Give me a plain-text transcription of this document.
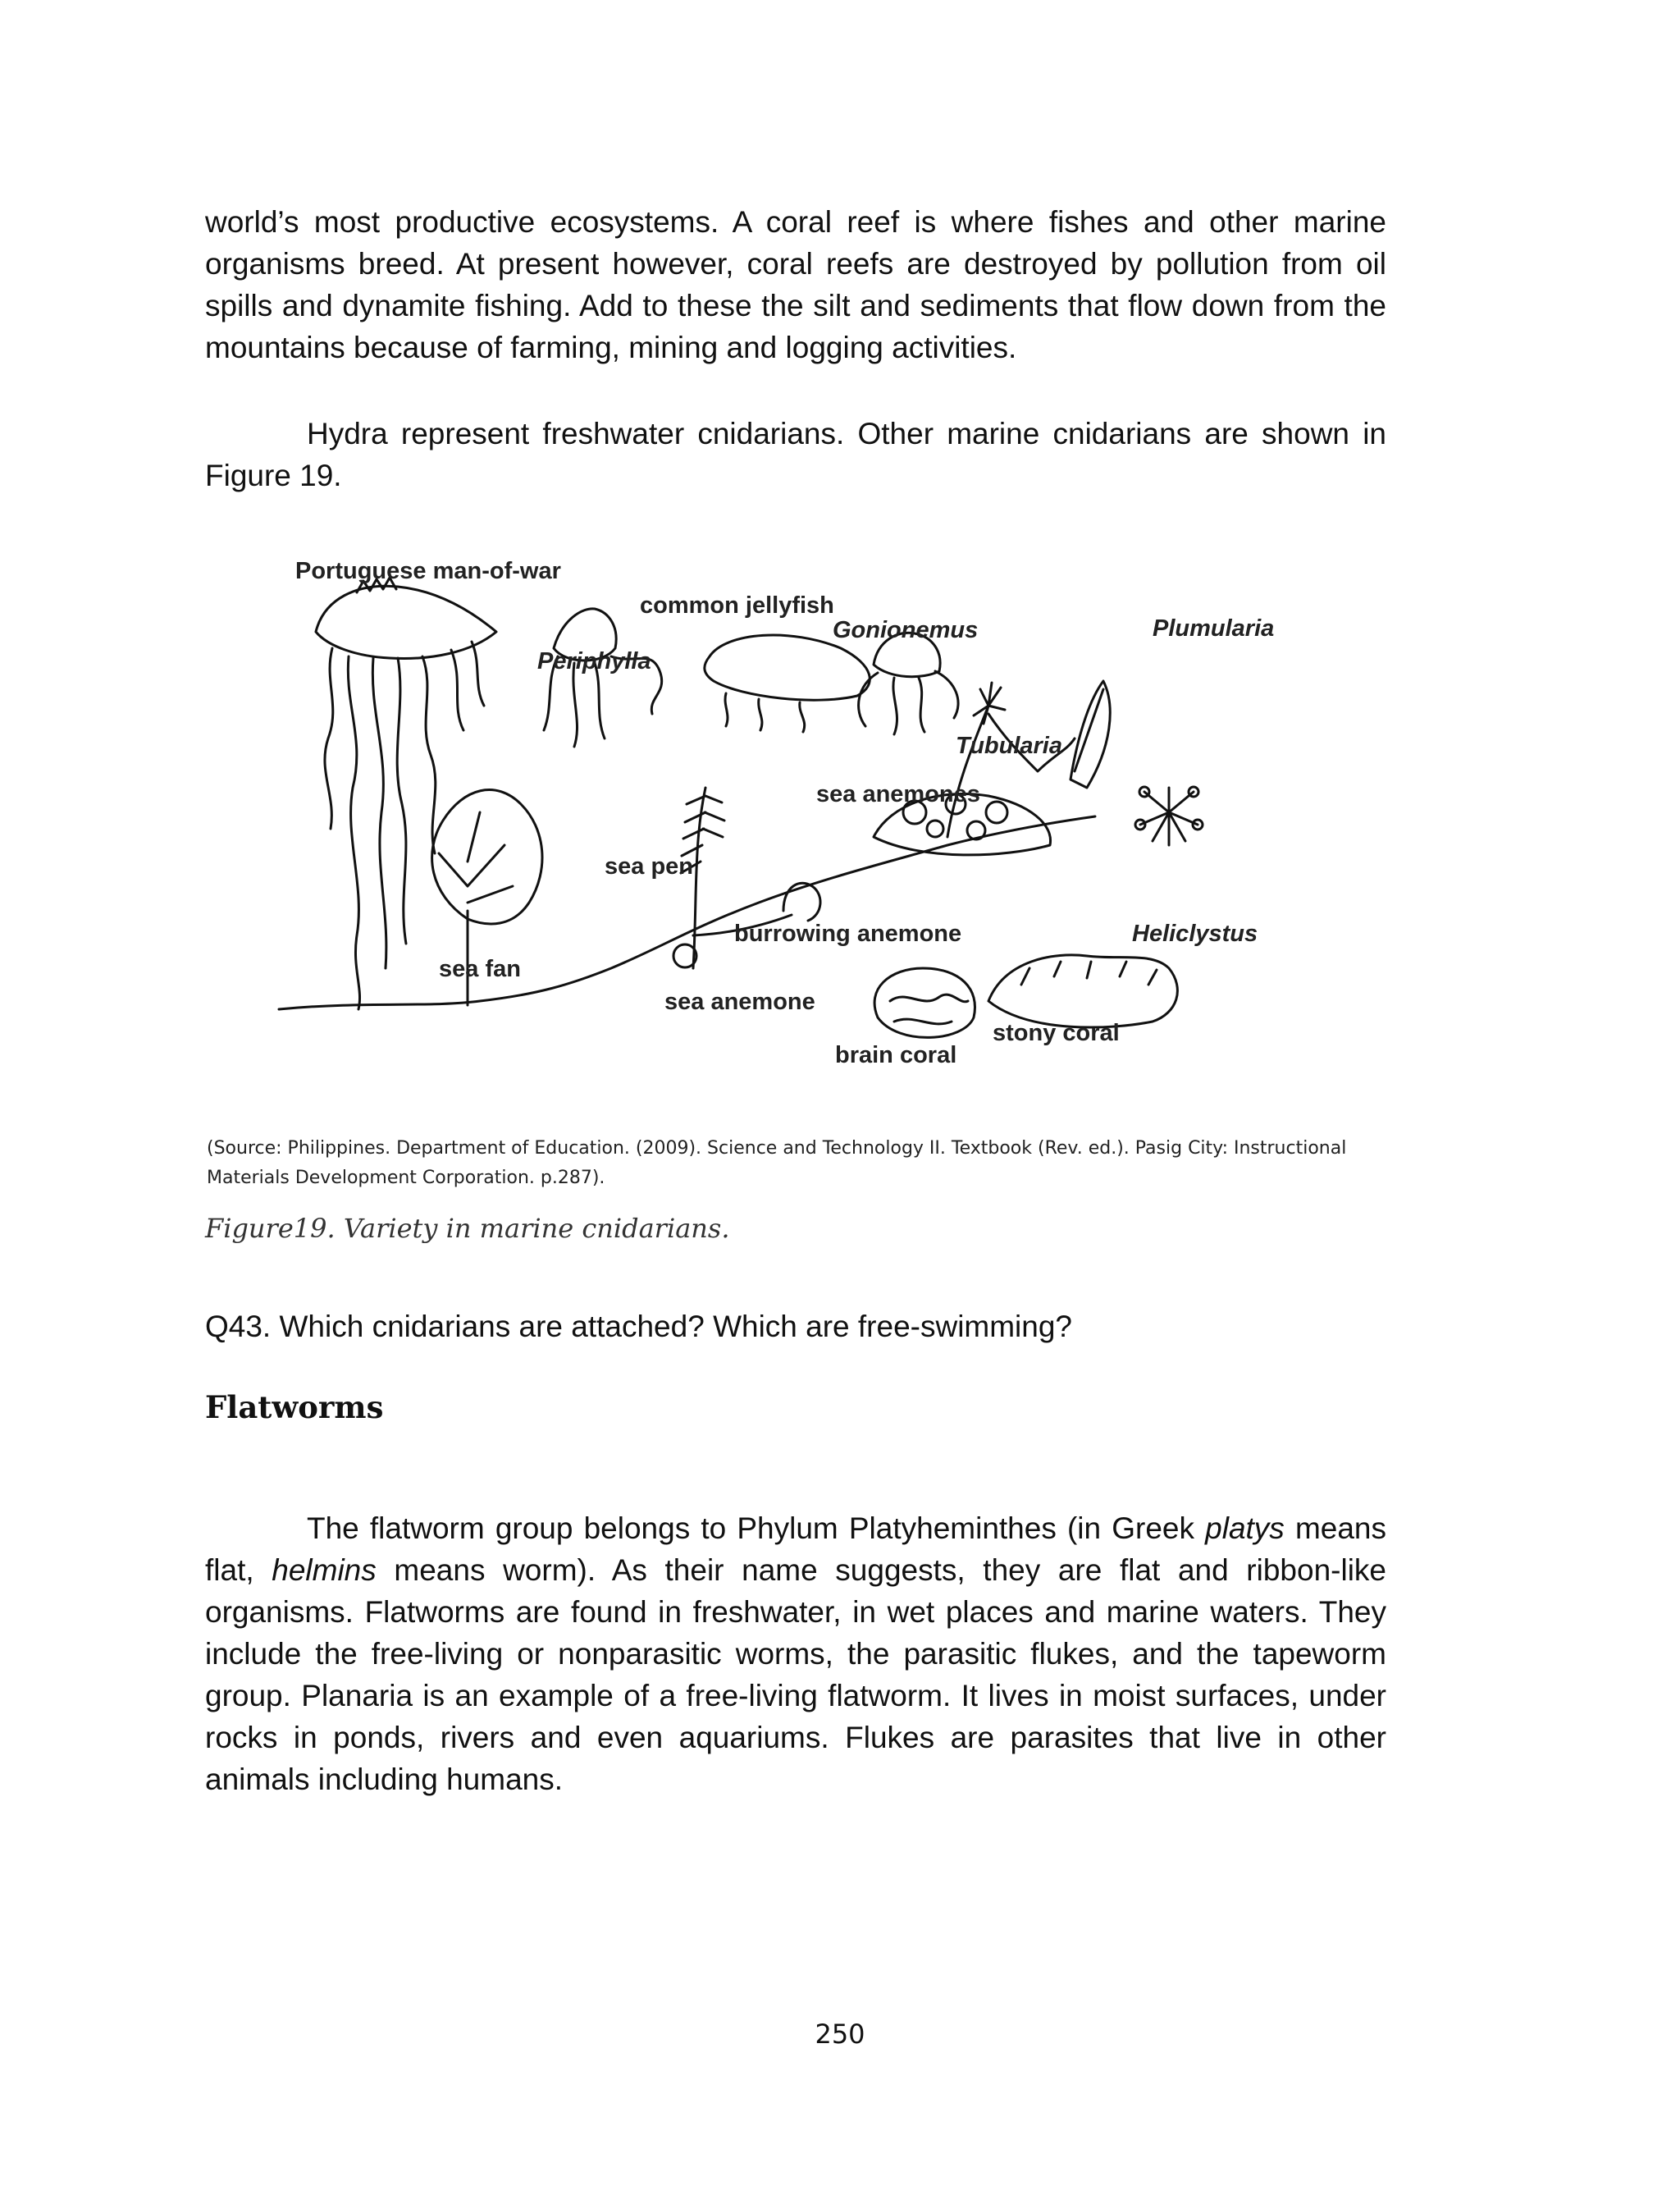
world’s most productive ecosystems. A coral reef is where fishes and other marine organisms breed. At present however, coral reefs are destroyed by pollution from oil spills and dynamite fishing. Add to these the silt and sediments that flow down from the mountains because of farming, mining and logging activities.

Hydra represent freshwater cnidarians. Other marine cnidarians are shown in Figure 19.

Portuguese man-of-war
common jellyfish
Gonionemus	Plumularia
Periphylla
Tubularia
sea anemones
sea pen
burrowing anemone	Heliclystus
sea fan
sea anemone
stony coral
brain coral
(Source: Philippines. Department of Education. (2009). Science and Technology II. Textbook (Rev. ed.). Pasig City: Instructional Materials Development Corporation. p.287).
Figure19. Variety in marine cnidarians.
Q43. Which cnidarians are attached? Which are free-swimming?
Flatworms

The flatworm group belongs to Phylum Platyheminthes (in Greek platys means flat, helmins means worm). As their name suggests, they are flat and ribbon-like organisms. Flatworms are found in freshwater, in wet places and marine waters. They include the free-living or nonparasitic worms, the parasitic flukes, and the tapeworm group. Planaria is an example of a free-living flatworm. It lives in moist surfaces, under rocks in ponds, rivers and even aquariums. Flukes are parasites that live in other animals including humans.

250
